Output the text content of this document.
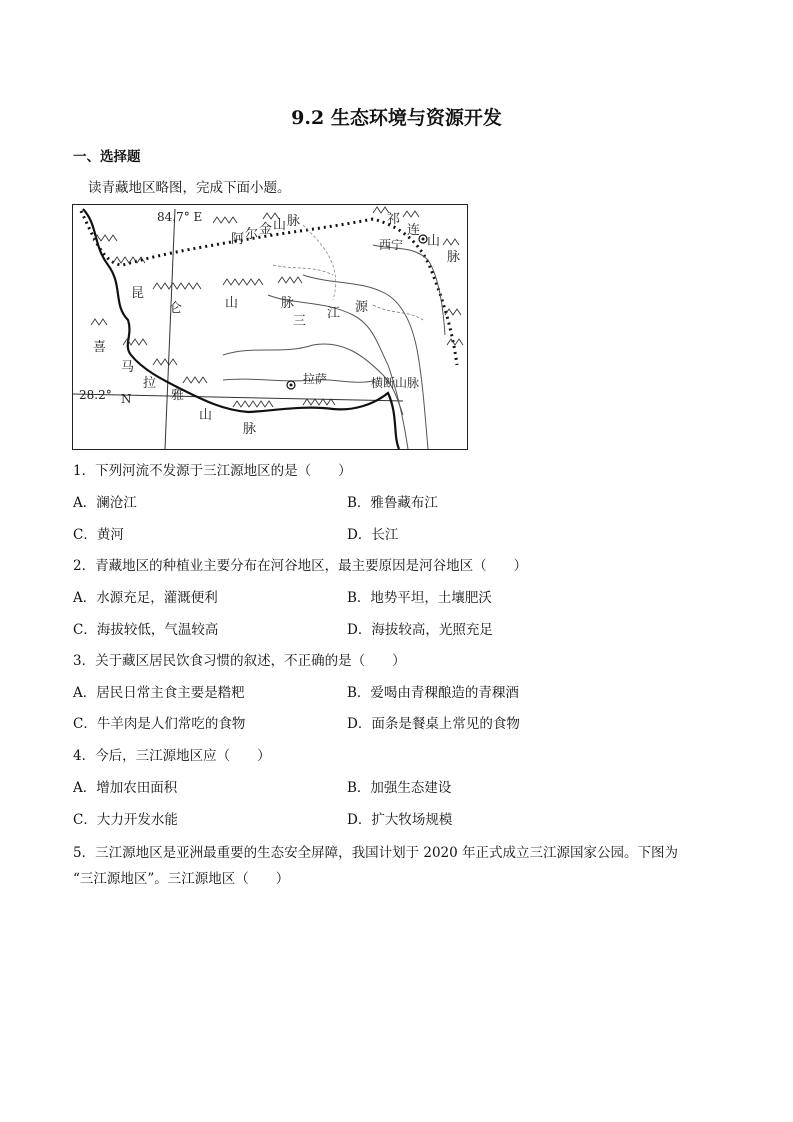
9.2 生态环境与资源开发
一、选择题
读青藏地区略图，完成下面小题。
84.7° E
28.2° N
阿 尔 金 山 脉	祁
连
山
脉
西宁
昆
仑	山	脉
三
江 源
拉萨	横断山脉
喜
马
拉
雅
山
脉
1．下列河流不发源于三江源地区的是（　　）
A．澜沧江	B．雅鲁藏布江
C．黄河	D．长江
2．青藏地区的种植业主要分布在河谷地区，最主要原因是河谷地区（　　）
A．水源充足，灌溉便利	B．地势平坦，土壤肥沃
C．海拔较低，气温较高	D．海拔较高，光照充足
3．关于藏区居民饮食习惯的叙述，不正确的是（　　）
A．居民日常主食主要是糌粑	B．爱喝由青稞酿造的青稞酒
C．牛羊肉是人们常吃的食物	D．面条是餐桌上常见的食物
4．今后，三江源地区应（　　）
A．增加农田面积	B．加强生态建设
C．大力开发水能	D．扩大牧场规模
5．三江源地区是亚洲最重要的生态安全屏障，我国计划于 2020 年正式成立三江源国家公园。下图为
“三江源地区”。三江源地区（　　）
